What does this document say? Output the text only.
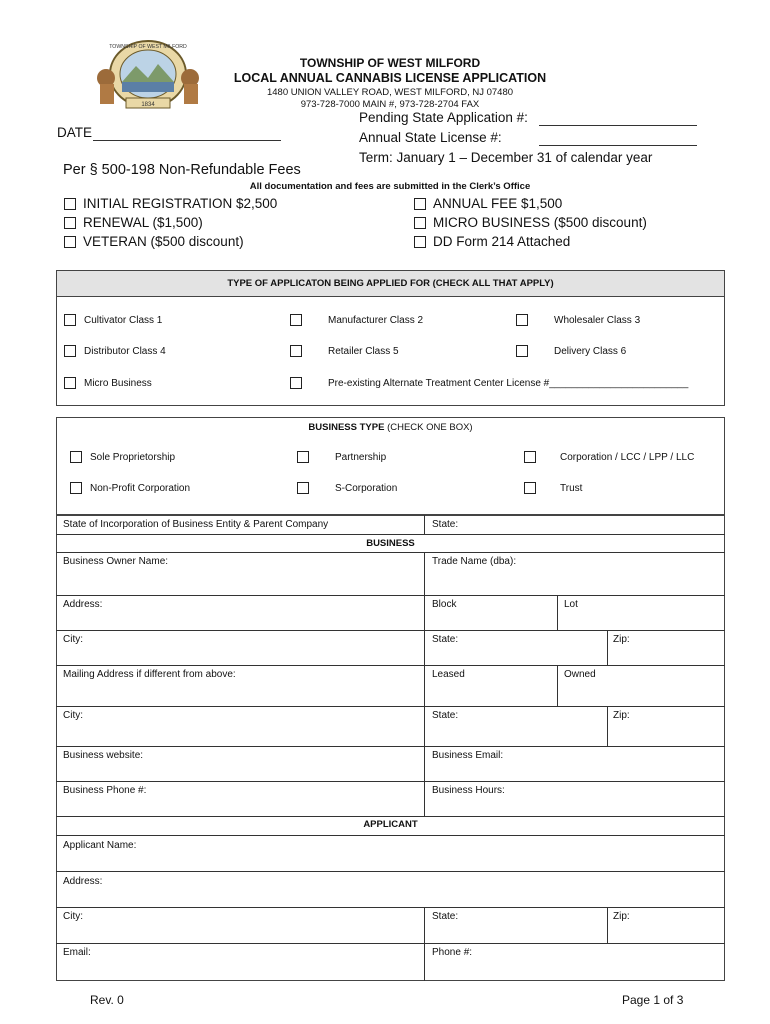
1834
TOWNSHIP OF WEST MILFORD
TOWNSHIP OF WEST MILFORD
LOCAL ANNUAL CANNABIS LICENSE APPLICATION
1480 UNION VALLEY ROAD, WEST MILFORD, NJ 07480
973-728-7000 MAIN #, 973-728-2704 FAX
DATE
Pending State Application #:
Annual State License #:
Term: January 1 – December 31 of calendar year
Per § 500-198 Non-Refundable Fees
All documentation and fees are submitted in the Clerk’s Office
INITIAL REGISTRATION $2,500
RENEWAL ($1,500)
VETERAN ($500 discount)
ANNUAL FEE $1,500
MICRO BUSINESS ($500 discount)
DD Form 214 Attached
TYPE OF APPLICATON BEING APPLIED FOR (CHECK ALL THAT APPLY)
Cultivator Class 1	Manufacturer Class 2	Wholesaler Class 3
Distributor Class 4	Retailer Class 5	Delivery Class 6
Micro Business	Pre-existing Alternate Treatment Center License #_________________________
BUSINESS TYPE (CHECK ONE BOX)
Sole Proprietorship	Partnership	Corporation / LCC / LPP / LLC
Non-Profit Corporation	S-Corporation	Trust
State of Incorporation of Business Entity & Parent Company	State:
BUSINESS
Business Owner Name:	Trade Name (dba):
Address:	Block	Lot
City:	State:	Zip:
Mailing Address if different from above:	Leased	Owned
City:	State:	Zip:
Business website:	Business Email:
Business Phone #:	Business Hours:
APPLICANT
Applicant Name:
Address:
City:	State:	Zip:
Email:	Phone #:
Rev. 0	Page 1 of 3
